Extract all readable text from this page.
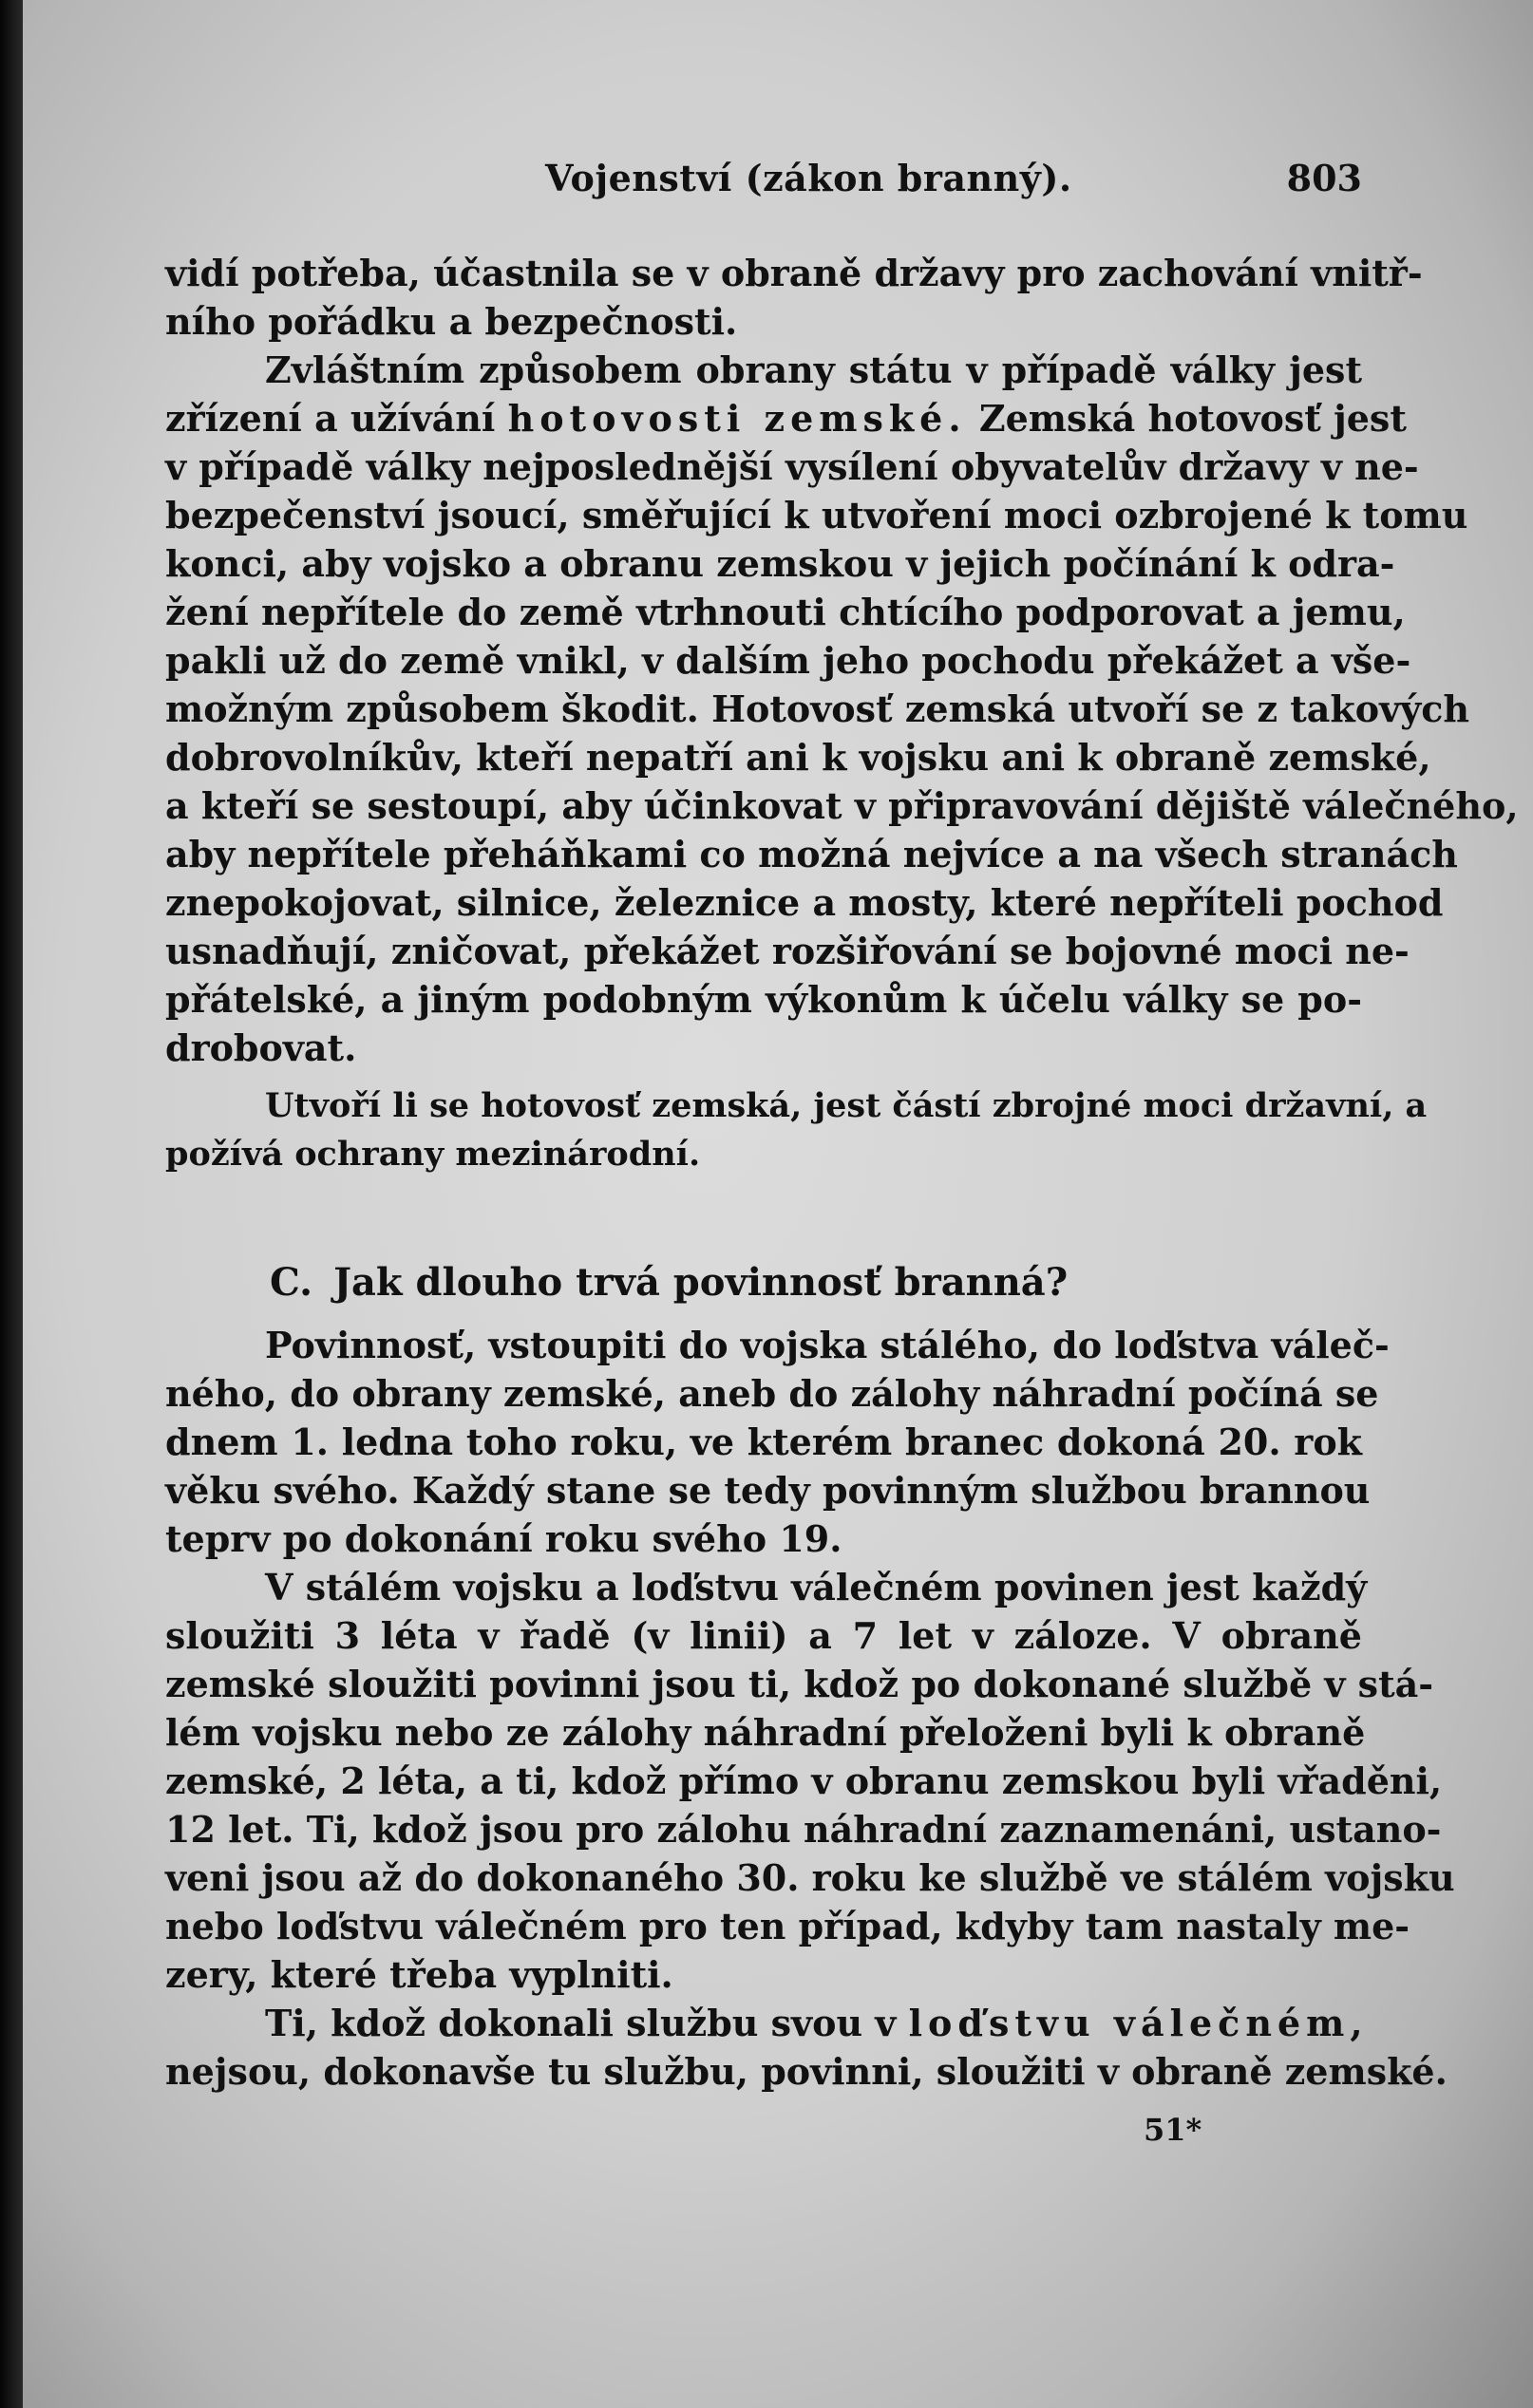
Vojenství (zákon branný).	803
vidí potřeba, účastnila se v obraně državy pro zachování vnitř-
ního pořádku a bezpečnosti.
Zvláštním způsobem obrany státu v případě války jest
zřízení a užívání hotovosti zemské. Zemská hotovosť jest
v případě války nejposlednější vysílení obyvatelův državy v ne-
bezpečenství jsoucí, směřující k utvoření moci ozbrojené k tomu
konci, aby vojsko a obranu zemskou v jejich počínání k odra-
žení nepřítele do země vtrhnouti chtícího podporovat a jemu,
pakli už do země vnikl, v dalším jeho pochodu překážet a vše-
možným způsobem škodit. Hotovosť zemská utvoří se z takových
dobrovolníkův, kteří nepatří ani k vojsku ani k obraně zemské,
a kteří se sestoupí, aby účinkovat v připravování dějiště válečného,
aby nepřítele přeháňkami co možná nejvíce a na všech stranách
znepokojovat, silnice, železnice a mosty, které nepříteli pochod
usnadňují, zničovat, překážet rozšiřování se bojovné moci ne-
přátelské, a jiným podobným výkonům k účelu války se po-
drobovat.
Utvoří li se hotovosť zemská, jest částí zbrojné moci državní, a
požívá ochrany mezinárodní.
C. Jak dlouho trvá povinnosť branná?
Povinnosť, vstoupiti do vojska stálého, do loďstva váleč-
ného, do obrany zemské, aneb do zálohy náhradní počíná se
dnem 1. ledna toho roku, ve kterém branec dokoná 20. rok
věku svého. Každý stane se tedy povinným službou brannou
teprv po dokonání roku svého 19.
V stálém vojsku a loďstvu válečném povinen jest každý
sloužiti 3 léta v řadě (v linii) a 7 let v záloze. V obraně
zemské sloužiti povinni jsou ti, kdož po dokonané službě v stá-
lém vojsku nebo ze zálohy náhradní přeloženi byli k obraně
zemské, 2 léta, a ti, kdož přímo v obranu zemskou byli vřaděni,
12 let. Ti, kdož jsou pro zálohu náhradní zaznamenáni, ustano-
veni jsou až do dokonaného 30. roku ke službě ve stálém vojsku
nebo loďstvu válečném pro ten případ, kdyby tam nastaly me-
zery, které třeba vyplniti.
Ti, kdož dokonali službu svou v loďstvu válečném,
nejsou, dokonavše tu službu, povinni, sloužiti v obraně zemské.
51*
